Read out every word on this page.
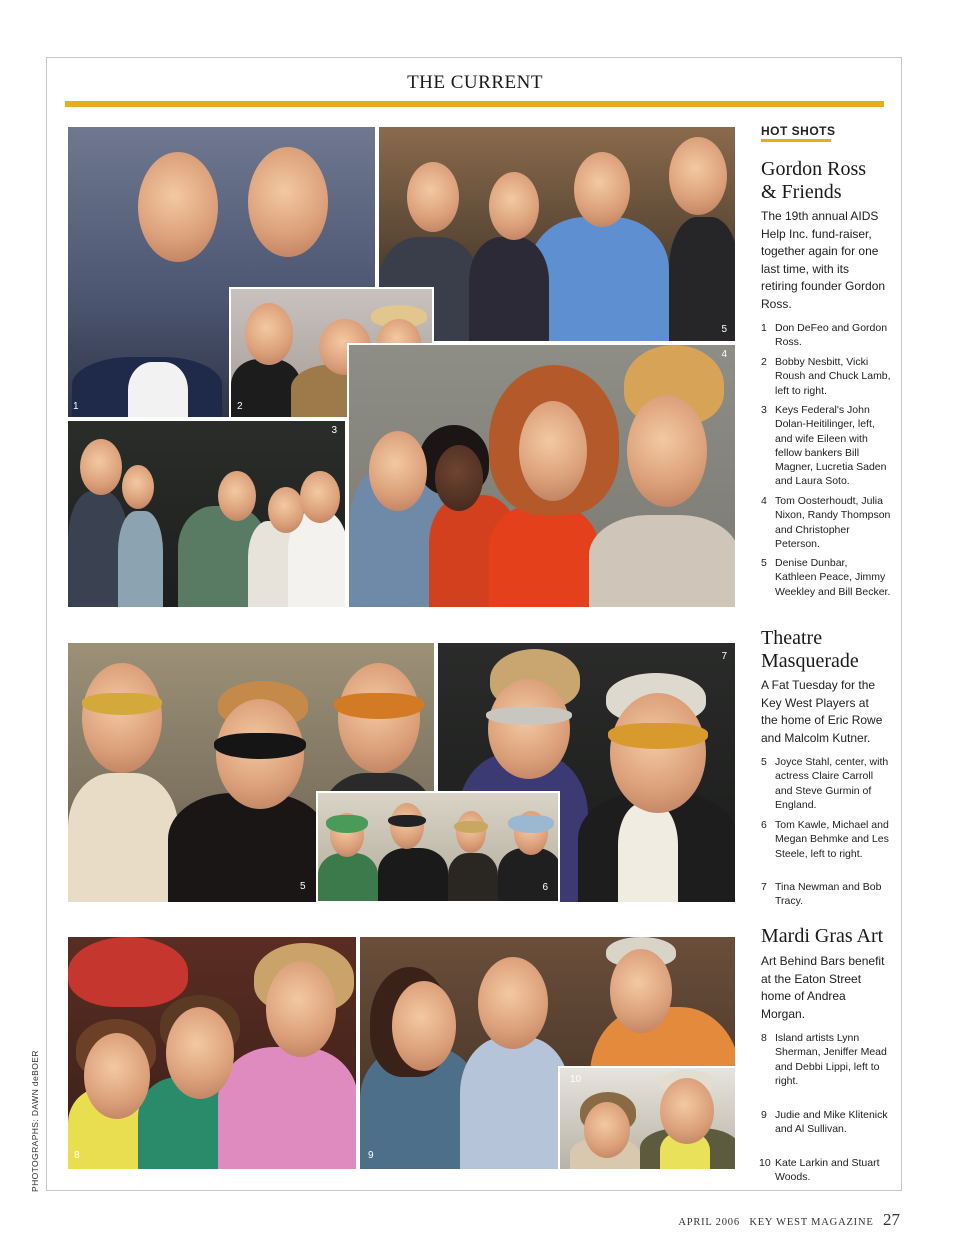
THE CURRENT
1
5
2
3
4
5
7
6
8	9
10
HOT SHOTS
Gordon Ross
& Friends
The 19th annual AIDS Help Inc. fund-raiser, together again for one last time, with its retiring founder Gordon Ross.
1 Don DeFeo and Gordon Ross.
2 Bobby Nesbitt, Vicki Roush and Chuck Lamb, left to right.
3 Keys Federal's John Dolan-Heitilinger, left, and wife Eileen with fellow bankers Bill Magner, Lucretia Saden and Laura Soto.
4 Tom Oosterhoudt, Julia Nixon, Randy Thompson and Christopher Peterson.
5 Denise Dunbar, Kathleen Peace, Jimmy Weekley and Bill Becker.
Theatre
Masquerade
A Fat Tuesday for the Key West Players at the home of Eric Rowe and Malcolm Kutner.
5 Joyce Stahl, center, with actress Claire Carroll and Steve Gurmin of England.
6 Tom Kawle, Michael and Megan Behmke and Les Steele, left to right.
7 Tina Newman and Bob Tracy.
Mardi Gras Art
Art Behind Bars benefit at the Eaton Street home of Andrea Morgan.
8 Island artists Lynn Sherman, Jeniffer Mead and Debbi Lippi, left to right.
9 Judie and Mike Klitenick and Al Sullivan.
10 Kate Larkin and Stuart Woods.
PHOTOGRAPHS: DAWN deBOER
APRIL 2006 KEY WEST MAGAZINE 27
